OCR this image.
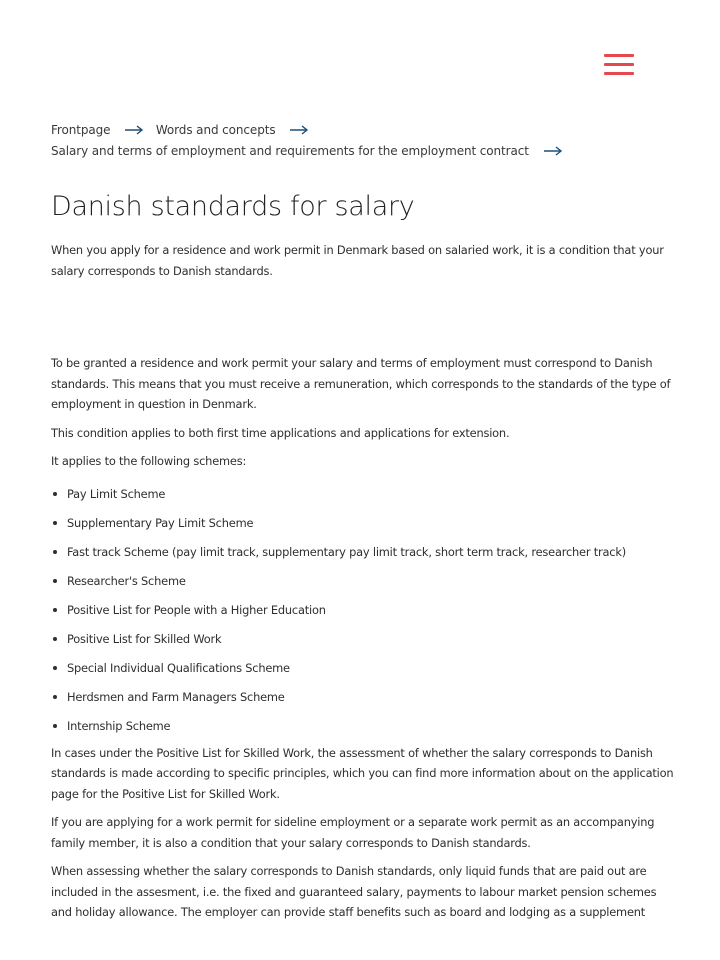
Frontpage	Words and concepts
Salary and terms of employment and requirements for the employment contract
Danish standards for salary

When you apply for a residence and work permit in Denmark based on salaried work, it is a condition that your salary corresponds to Danish standards.

To be granted a residence and work permit your salary and terms of employment must correspond to Danish standards. This means that you must receive a remuneration, which corresponds to the standards of the type of employment in question in Denmark.

This condition applies to both first time applications and applications for extension.

It applies to the following schemes:

Pay Limit Scheme
Supplementary Pay Limit Scheme
Fast track Scheme (pay limit track, supplementary pay limit track, short term track, researcher track)
Researcher's Scheme
Positive List for People with a Higher Education
Positive List for Skilled Work
Special Individual Qualifications Scheme
Herdsmen and Farm Managers Scheme
Internship Scheme

In cases under the Positive List for Skilled Work, the assessment of whether the salary corresponds to Danish standards is made according to specific principles, which you can find more information about on the application page for the Positive List for Skilled Work.

If you are applying for a work permit for sideline employment or a separate work permit as an accompanying family member, it is also a condition that your salary corresponds to Danish standards.

When assessing whether the salary corresponds to Danish standards, only liquid funds that are paid out are included in the assesment, i.e. the fixed and guaranteed salary, payments to labour market pension schemes and holiday allowance. The employer can provide staff benefits such as board and lodging as a supplement
